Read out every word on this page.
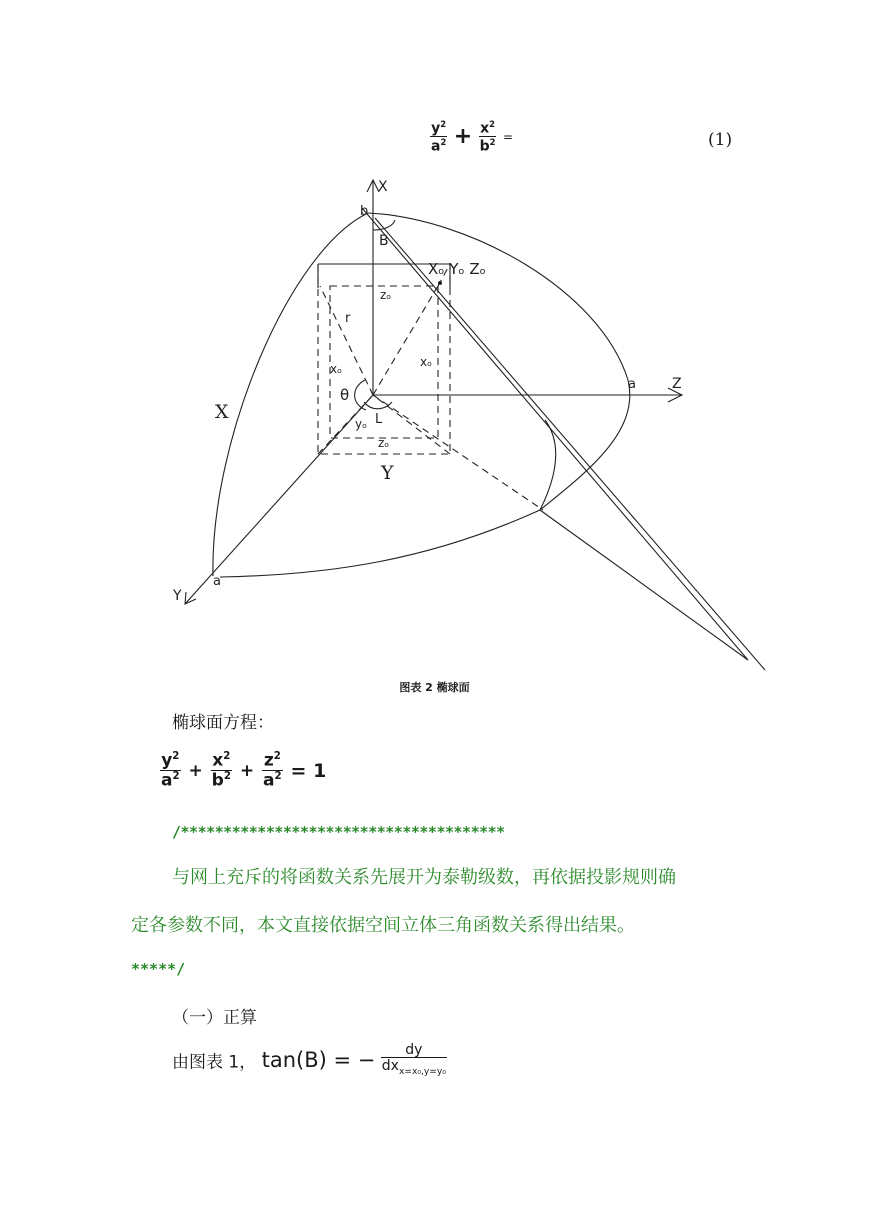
$\frac{y^2}{a^2} + \frac{x^2}{b^2}$ =	(1)
X
Z
Y
b
B
Xₒ Yₒ Zₒ
zₒ
r
xₒ	xₒ
θ
L
yₒ
zₒ
Y
X
a
a
图表 2 椭球面
椭球面方程：
$\frac{y^2}{a^2} + \frac{x^2}{b^2} + \frac{z^2}{a^2} = 1$
/**************************************
与网上充斥的将函数关系先展开为泰勒级数，再依据投影规则确
定各参数不同，本文直接依据空间立体三角函数关系得出结果。
*****/
（一）正算
由图表 1， tan(B) = − $\frac{dy}{dx_{x=x_0,y=y_0}}$
